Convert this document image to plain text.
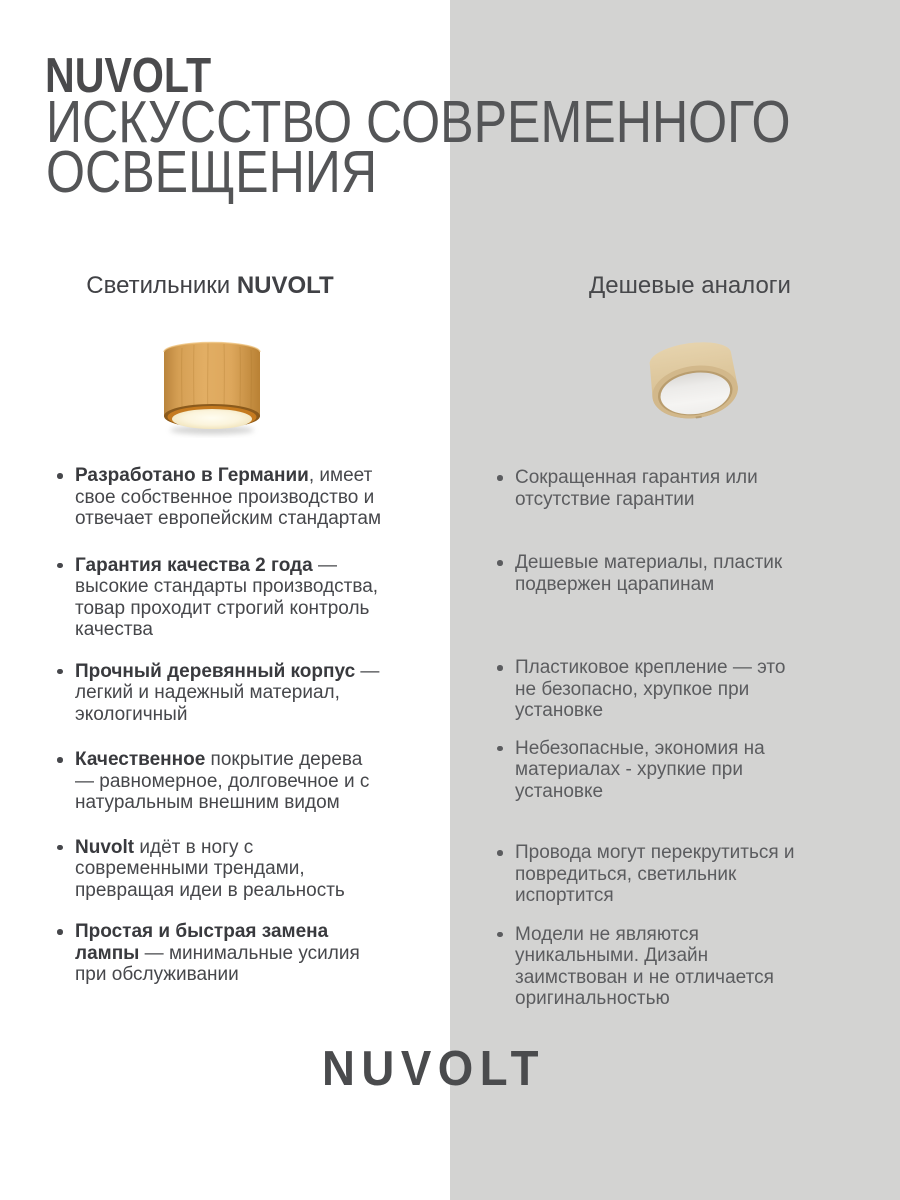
NUVOLT
ИСКУССТВО СОВРЕМЕННОГО
ОСВЕЩЕНИЯ
Светильники NUVOLT	Дешевые аналоги
Разработано в Германии, имеет свое собственное производство и отвечает европейским стандартам
Гарантия качества 2 года — высокие стандарты производства, товар проходит строгий контроль качества
Прочный деревянный корпус — легкий и надежный материал, экологичный
Качественное покрытие дерева — равномерное, долговечное и с натуральным внешним видом
Nuvolt идёт в ногу с современными трендами, превращая идеи в реальность
Простая и быстрая замена лампы — минимальные усилия при обслуживании
Сокращенная гарантия или отсутствие гарантии
Дешевые материалы, пластик подвержен царапинам
Пластиковое крепление — это не безопасно, хрупкое при установке
Небезопасные, экономия на материалах - хрупкие при установке
Провода могут перекрутиться и повредиться, светильник испортится
Модели не являются уникальными. Дизайн заимствован и не отличается оригинальностью
NUVOLT
